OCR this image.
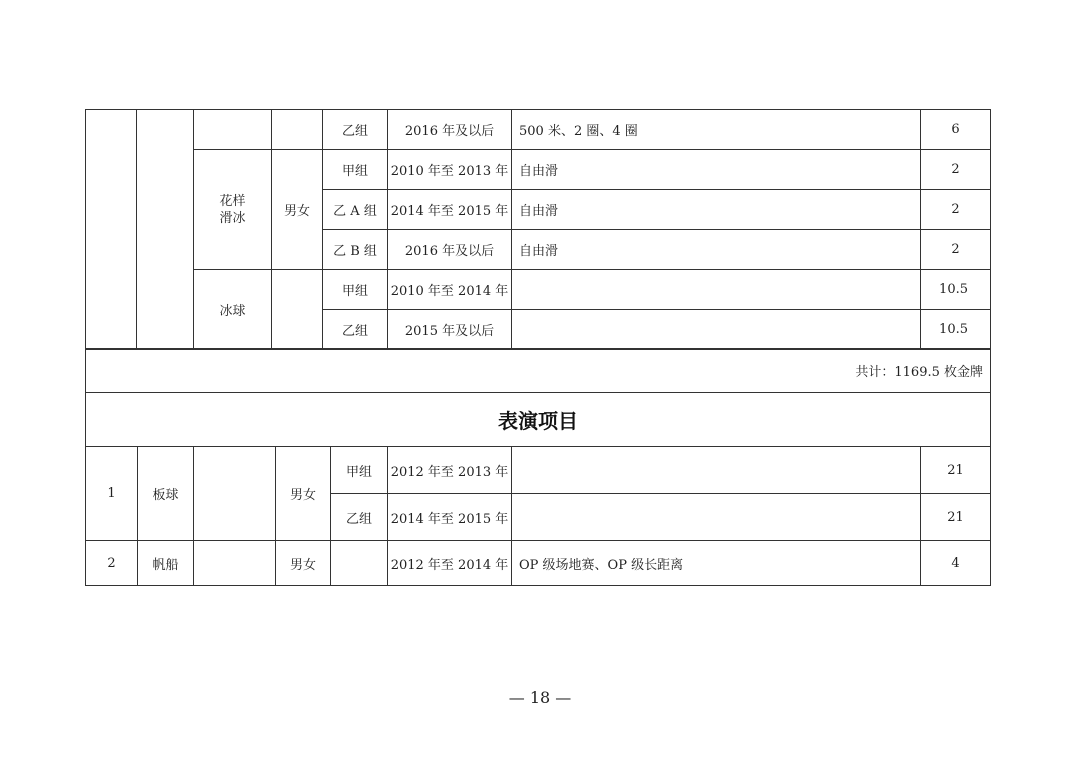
				乙组	2016 年及以后	500 米、2 圈、4 圈	6

		花样滑冰	男女	甲组	2010 年至 2013 年	自由滑	2
				乙 A 组	2014 年至 2015 年	自由滑	2
				乙 B 组	2016 年及以后	自由滑	2
		冰球		甲组	2010 年至 2014 年		10.5
				乙组	2015 年及以后		10.5
共计：1169.5 枚金牌							
表演项目							
1	板球		男女	甲组	2012 年至 2013 年		21
				乙组	2014 年至 2015 年		21
2	帆船		男女		2012 年至 2014 年	OP 级场地赛、OP 级长距离	4
— 18 —
